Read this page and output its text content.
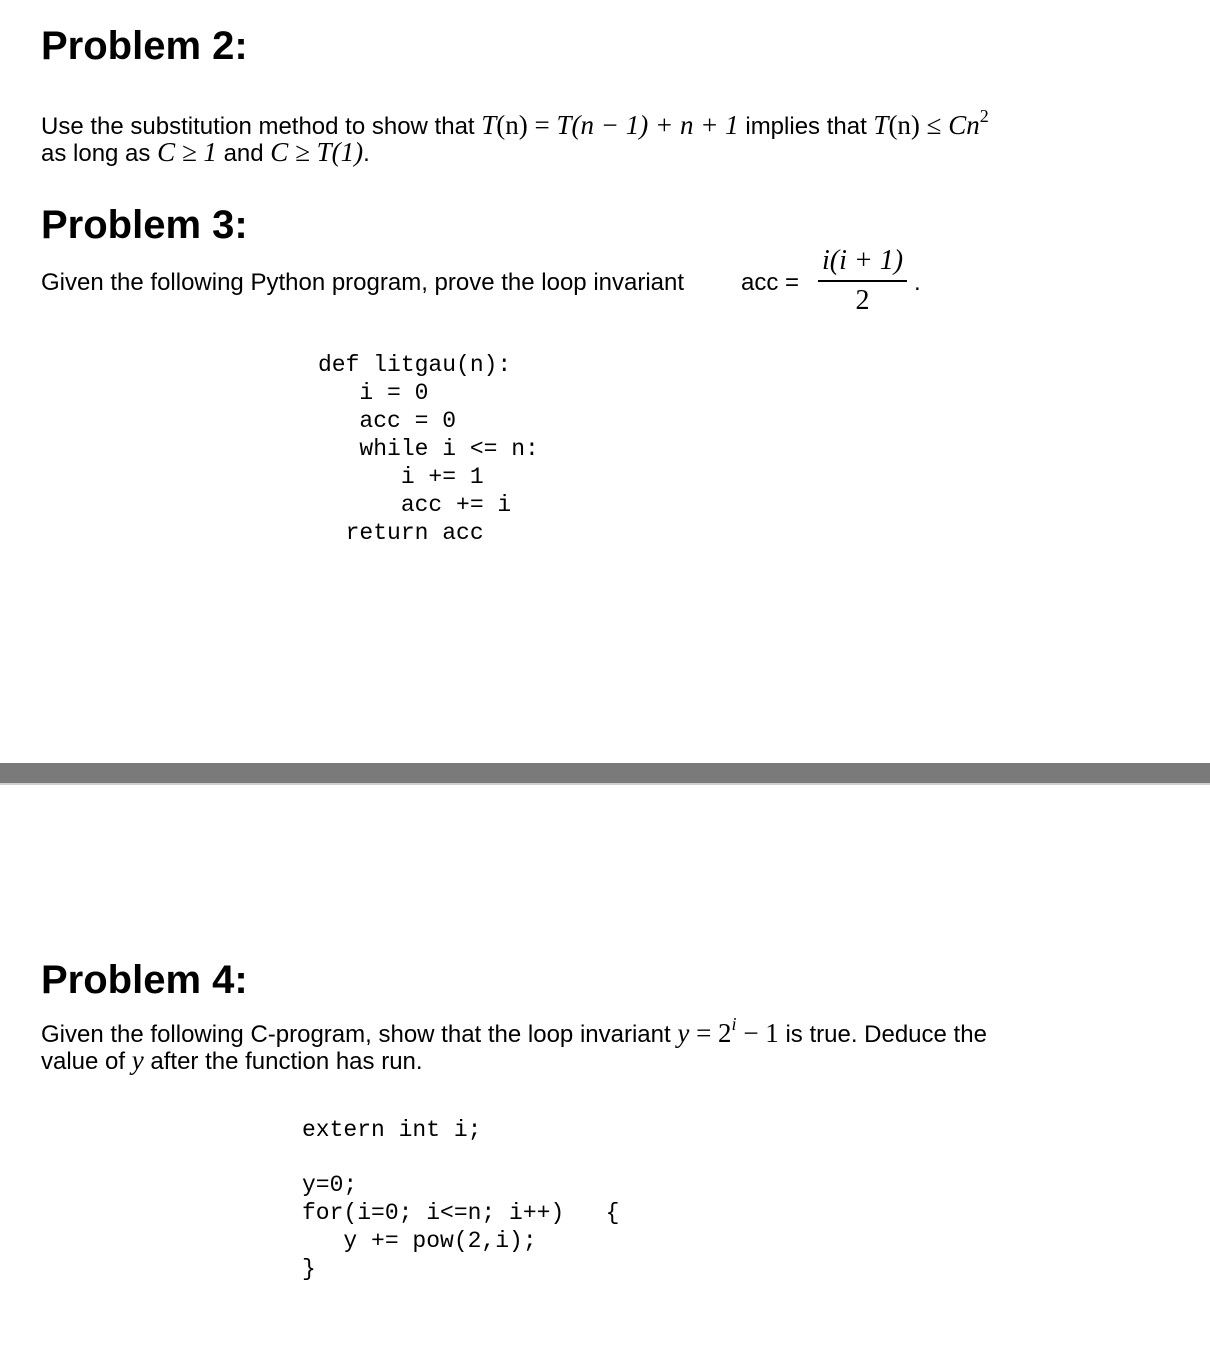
Problem 2:
Use the substitution method to show that T(n) = T(n − 1) + n + 1 implies that $T(n) \le Cn^2$
as long as C ≥ 1 and C ≥ T(1).
Problem 3:
Given the following Python program, prove the loop invariant acc = $\frac{i(i + 1)}{2}$ .
def litgau(n):
i = 0
acc = 0
while i <= n:
i += 1
acc += i
return acc
Problem 4:
Given the following C-program, show that the loop invariant $y = 2^i - 1$ is true. Deduce the
value of y after the function has run.
extern int i;
y=0;
for(i=0; i<=n; i++)   {
y += pow(2,i);
}
